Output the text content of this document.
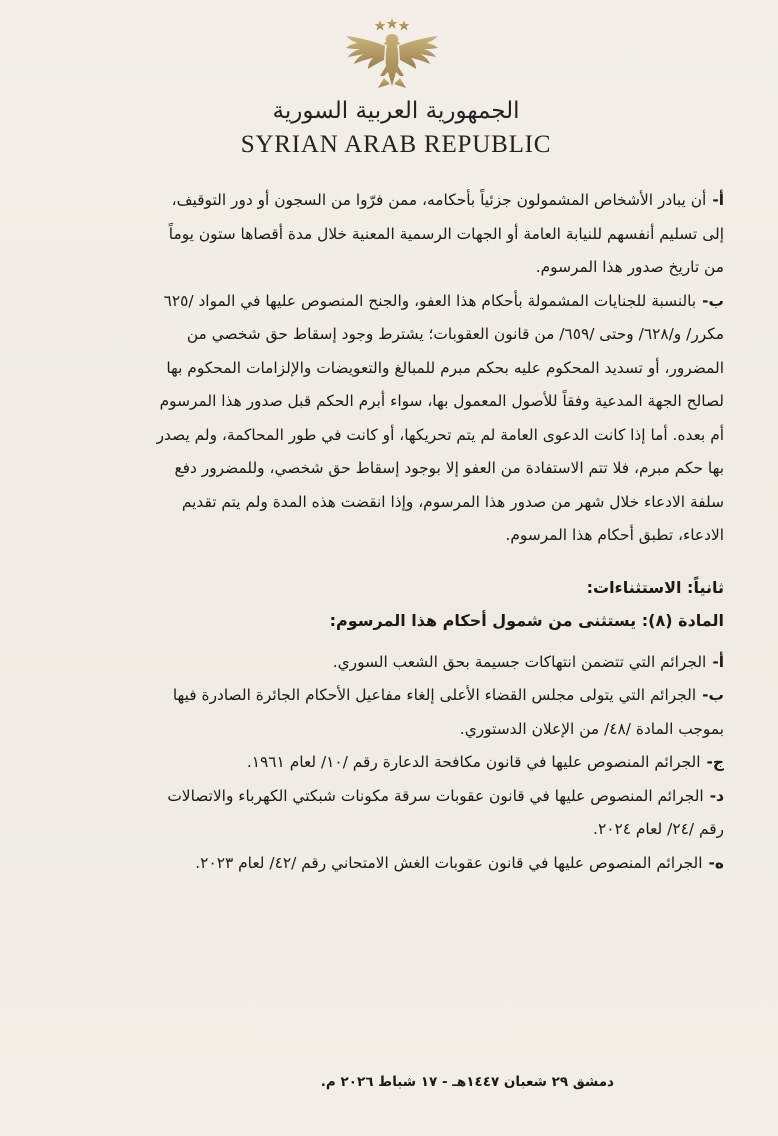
الجمهورية العربية السورية
SYRIAN ARAB REPUBLIC
أ-أن يبادر الأشخاص المشمولون جزئياً بأحكامه، ممن فرّوا من السجون أو دور التوقيف،
إلى تسليم أنفسهم للنيابة العامة أو الجهات الرسمية المعنية خلال مدة أقصاها ستون يوماً
من تاريخ صدور هذا المرسوم.
ب-بالنسبة للجنايات المشمولة بأحكام هذا العفو، والجنح المنصوص عليها في المواد /٦٢٥
مكرر/ و/٦٢٨/ وحتى /٦٥٩/ من قانون العقوبات؛ يشترط وجود إسقاط حق شخصي من
المضرور، أو تسديد المحكوم عليه بحكم مبرم للمبالغ والتعويضات والإلزامات المحكوم بها
لصالح الجهة المدعية وفقاً للأصول المعمول بها، سواء أبرم الحكم قبل صدور هذا المرسوم
أم بعده. أما إذا كانت الدعوى العامة لم يتم تحريكها، أو كانت في طور المحاكمة، ولم يصدر
بها حكم مبرم، فلا تتم الاستفادة من العفو إلا بوجود إسقاط حق شخصي، وللمضرور دفع
سلفة الادعاء خلال شهر من صدور هذا المرسوم، وإذا انقضت هذه المدة ولم يتم تقديم
الادعاء، تطبق أحكام هذا المرسوم.
ثانياً: الاستثناءات:
المادة (٨): يستثنى من شمول أحكام هذا المرسوم:
أ-الجرائم التي تتضمن انتهاكات جسيمة بحق الشعب السوري.
ب-الجرائم التي يتولى مجلس القضاء الأعلى إلغاء مفاعيل الأحكام الجائرة الصادرة فيها
بموجب المادة /٤٨/ من الإعلان الدستوري.
ج-الجرائم المنصوص عليها في قانون مكافحة الدعارة رقم /١٠/ لعام ١٩٦١.
د-الجرائم المنصوص عليها في قانون عقوبات سرقة مكونات شبكتي الكهرباء والاتصالات
رقم /٢٤/ لعام ٢٠٢٤.
ه-الجرائم المنصوص عليها في قانون عقوبات الغش الامتحاني رقم /٤٢/ لعام ٢٠٢٣.
دمشق ٢٩ شعبان ١٤٤٧هـ - ١٧ شباط ٢٠٢٦ م.
